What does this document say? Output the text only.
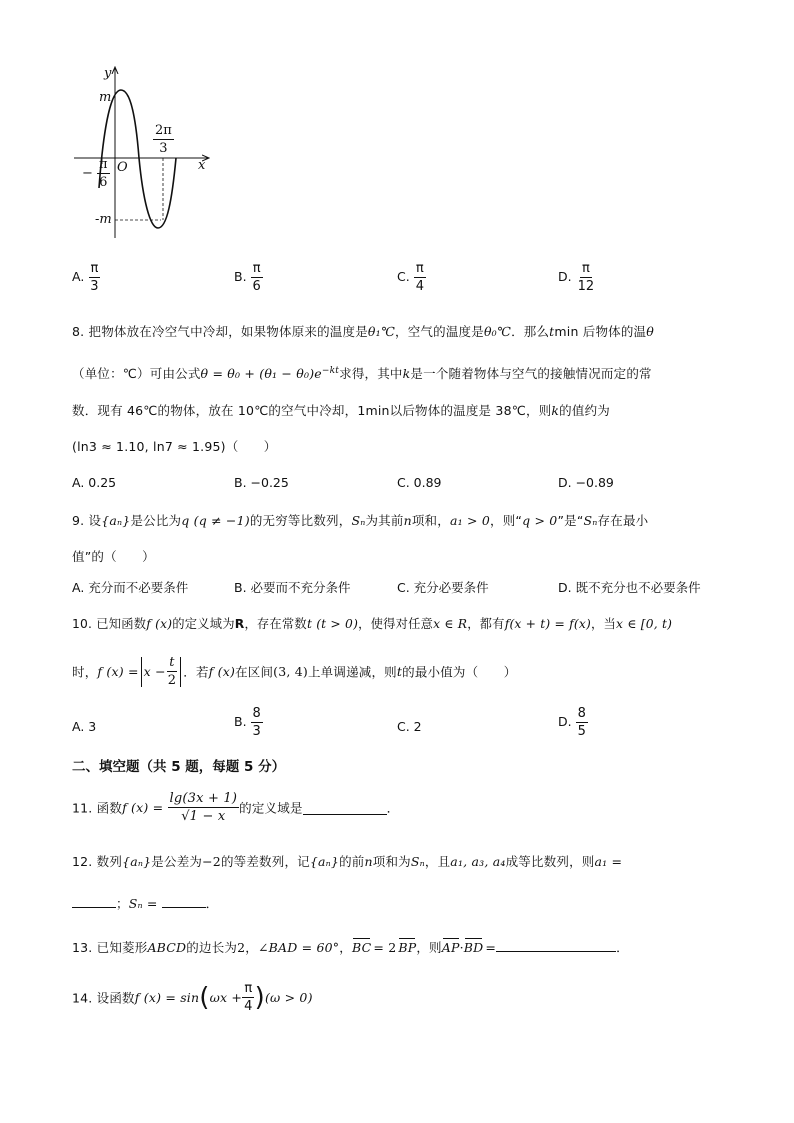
y
x
O
m
-m
− $\frac{\pi}{6}$
$\frac{2\pi}{3}$
A. $\frac{\pi}{3}$	B. $\frac{\pi}{6}$	C. $\frac{\pi}{4}$	D. $\frac{\pi}{12}$
8. 把物体放在冷空气中冷却，如果物体原来的温度是θ₁℃，空气的温度是θ₀℃．那么tmin 后物体的温θ
（单位：℃）可由公式$\theta = \theta_0 + (\theta_1 - \theta_0)e^{-kt}$求得，其中k是一个随着物体与空气的接触情况而定的常
数．现有 46℃的物体，放在 10℃的空气中冷却，1min以后物体的温度是 38℃，则k的值约为
(ln3 ≈ 1.10, ln7 ≈ 1.95)（　　）
A. 0.25	B. −0.25	C. 0.89	D. −0.89
9. 设{aₙ}是公比为q (q ≠ −1)的无穷等比数列，Sₙ为其前n项和，a₁ > 0，则“q > 0”是“Sₙ存在最小
值”的（　　）
A. 充分而不必要条件	B. 必要而不充分条件	C. 充分必要条件	D. 既不充分也不必要条件
10. 已知函数f (x)的定义域为R，存在常数t (t > 0)，使得对任意x ∈ R，都有f(x + t) = f(x)，当x ∈ [0, t)
时，f $(x) = x - \frac{t}{2}$ ．若f (x)在区间(3, 4)上单调递减，则t的最小值为（　　）
A. 3	B. $\frac{8}{3}$	C. 2	D. $\frac{8}{5}$
二、填空题（共 5 题，每题 5 分）
11. 函数f $(x) = \frac{\lg(3x + 1)}{√1 - x}$ 的定义域是	．
12. 数列{aₙ}是公差为−2的等差数列，记{aₙ}的前n项和为Sₙ，且a₁, a₃, a₄成等比数列，则a₁ =
；Sₙ =	．
13. 已知菱形ABCD的边长为2，∠BAD = 60°，BC = 2 BP，则AP·BD =	．
14. 设函数f $(x) = \sin(\omega x + \frac{\pi}{4} )(\omega > 0)$
